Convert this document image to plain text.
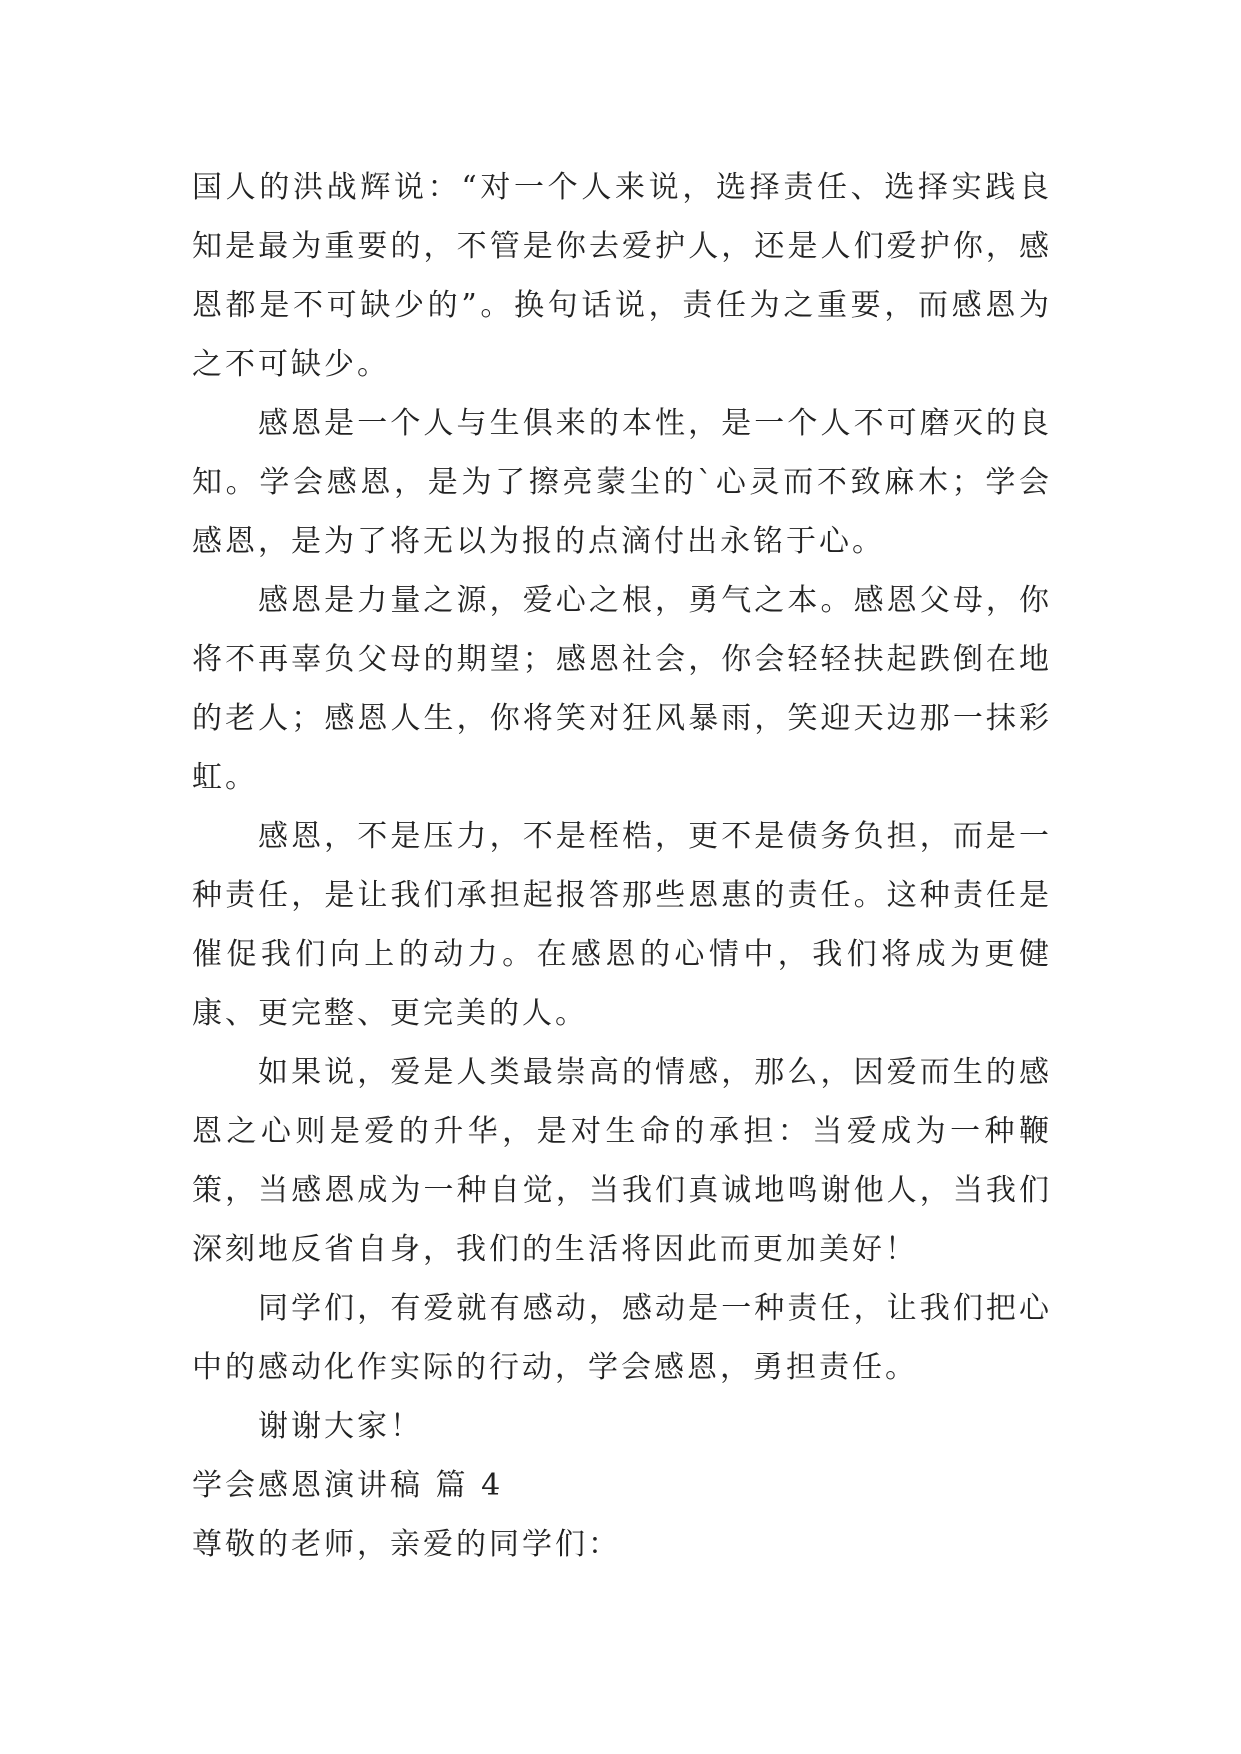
国人的洪战辉说：“对一个人来说，选择责任、选择实践良知是最为重要的，不管是你去爱护人，还是人们爱护你，感恩都是不可缺少的”。换句话说，责任为之重要，而感恩为之不可缺少。

感恩是一个人与生俱来的本性，是一个人不可磨灭的良知。学会感恩，是为了擦亮蒙尘的`心灵而不致麻木；学会感恩，是为了将无以为报的点滴付出永铭于心。

感恩是力量之源，爱心之根，勇气之本。感恩父母，你将不再辜负父母的期望；感恩社会，你会轻轻扶起跌倒在地的老人；感恩人生，你将笑对狂风暴雨，笑迎天边那一抹彩虹。

感恩，不是压力，不是桎梏，更不是债务负担，而是一种责任，是让我们承担起报答那些恩惠的责任。这种责任是催促我们向上的动力。在感恩的心情中，我们将成为更健康、更完整、更完美的人。

如果说，爱是人类最崇高的情感，那么，因爱而生的感恩之心则是爱的升华，是对生命的承担：当爱成为一种鞭策，当感恩成为一种自觉，当我们真诚地鸣谢他人，当我们深刻地反省自身，我们的生活将因此而更加美好！

同学们，有爱就有感动，感动是一种责任，让我们把心中的感动化作实际的行动，学会感恩，勇担责任。

谢谢大家！

学会感恩演讲稿 篇 4

尊敬的老师，亲爱的同学们：
